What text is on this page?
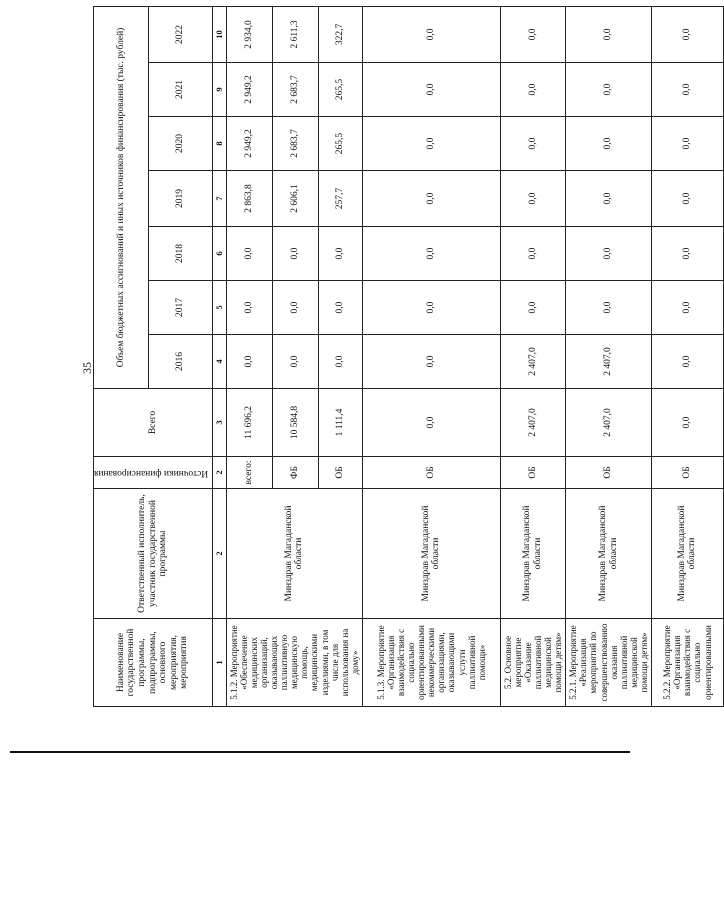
35
Наименование государственной программы, подпрограммы, основного мероприятия, мероприятия	Ответственный исполнитель, участник государственной программы	Источники финансирования	Всего	Объем бюджетных ассигнований и иных источников финансирования (тыс. рублей)						
				2016	2017	2018	2019	2020	2021	2022
1	2	2	3	4	5	6	7	8	9	10
5.1.2. Мероприятие «Обеспечение медицинских организаций, оказывающих паллиативную медицинскую помощь, медицинскими изделиями, в том числе для использования на дому»	Минздрав Магаданской области	всего:	11 696,2	0,0	0,0	0,0	2 863,8	2 949,2	2 949,2	2 934,0
		ФБ	10 584,8	0,0	0,0	0,0	2 606,1	2 683,7	2 683,7	2 611,3
		ОБ	1 111,4	0,0	0,0	0,0	257,7	265,5	265,5	322,7
5.1.3. Мероприятие «Организация взаимодействия с социально ориентированными некоммерческими организациями, оказывающими услуги паллиативной помощи»	Минздрав Магаданской области	ОБ	0,0	0,0	0,0	0,0	0,0	0,0	0,0	0,0
5.2. Основное мероприятие «Оказание паллиативной медицинской помощи детям»	Минздрав Магаданской области	ОБ	2 407,0	2 407,0	0,0	0,0	0,0	0,0	0,0	0,0
5.2.1. Мероприятие «Реализация мероприятий по совершенствованию оказания паллиативной медицинской помощи детям»	Минздрав Магаданской области	ОБ	2 407,0	2 407,0	0,0	0,0	0,0	0,0	0,0	0,0
5.2.2. Мероприятие «Организация взаимодействия с социально ориентированными	Минздрав Магаданской области	ОБ	0,0	0,0	0,0	0,0	0,0	0,0	0,0	0,0
